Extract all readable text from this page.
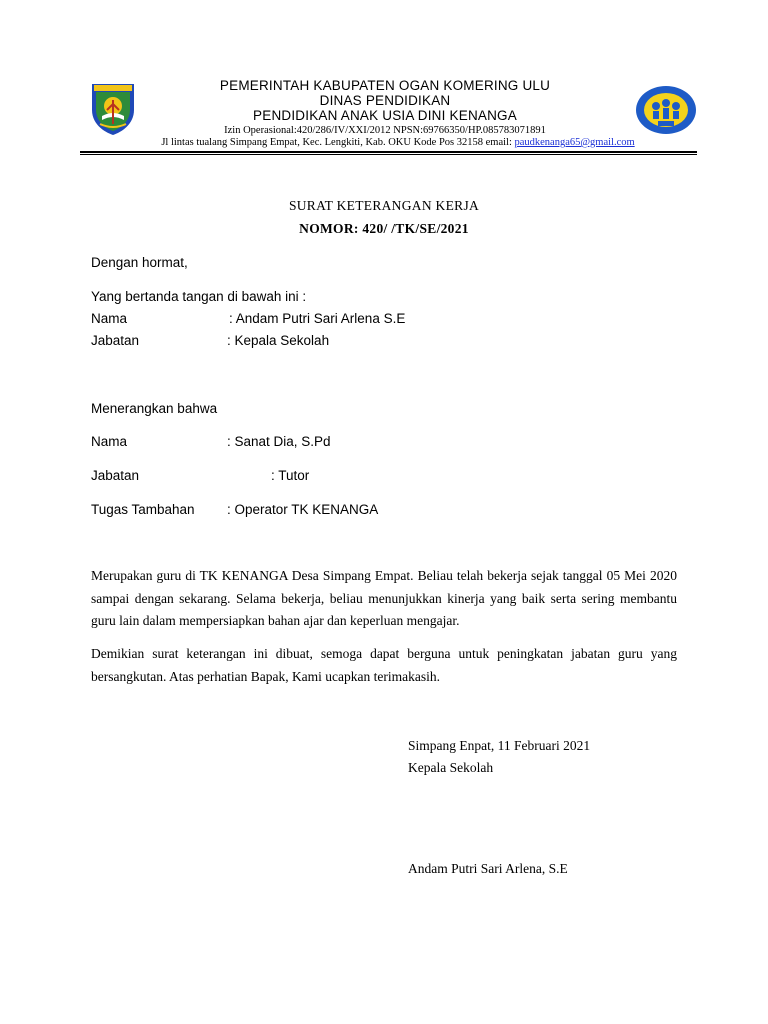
PEMERINTAH KABUPATEN OGAN KOMERING ULU
DINAS PENDIDIKAN
PENDIDIKAN ANAK USIA DINI KENANGA
Izin Operasional:420/286/IV/XXI/2012 NPSN:69766350/HP.085783071891
Jl lintas tualang Simpang Empat, Kec. Lengkiti, Kab. OKU Kode Pos 32158 email: paudkenanga65@gmail.com
SURAT KETERANGAN KERJA
NOMOR: 420/ /TK/SE/2021
Dengan hormat,
Yang bertanda tangan di bawah ini :
Nama	: Andam Putri Sari Arlena S.E
Jabatan	: Kepala Sekolah
Menerangkan bahwa
Nama	: Sanat Dia, S.Pd
Jabatan	: Tutor
Tugas Tambahan : Operator TK KENANGA
Merupakan guru di TK KENANGA Desa Simpang Empat. Beliau telah bekerja sejak tanggal 05 Mei 2020 sampai dengan sekarang. Selama bekerja, beliau menunjukkan kinerja yang baik serta sering membantu guru lain dalam mempersiapkan bahan ajar dan keperluan mengajar.
Demikian surat keterangan ini dibuat, semoga dapat berguna untuk peningkatan jabatan guru yang bersangkutan. Atas perhatian Bapak, Kami ucapkan terimakasih.
Simpang Enpat, 11 Februari 2021
Kepala Sekolah
Andam Putri Sari Arlena, S.E
